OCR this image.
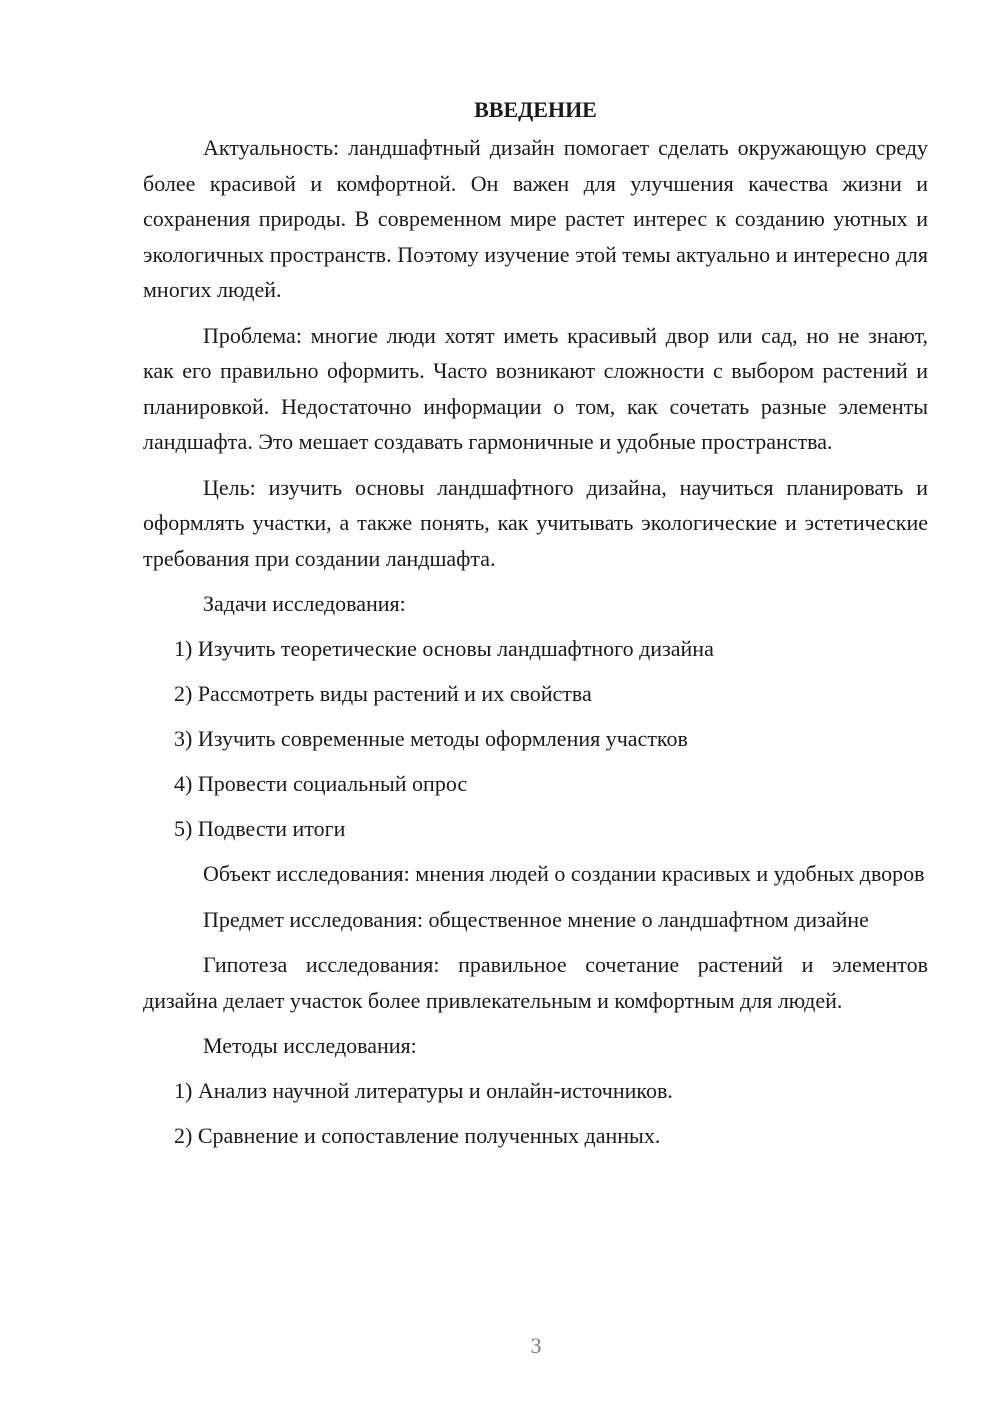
ВВЕДЕНИЕ

Актуальность: ландшафтный дизайн помогает сделать окружающую среду более красивой и комфортной. Он важен для улучшения качества жизни и сохранения природы. В современном мире растет интерес к созданию уютных и экологичных пространств. Поэтому изучение этой темы актуально и интересно для многих людей.

Проблема: многие люди хотят иметь красивый двор или сад, но не знают, как его правильно оформить. Часто возникают сложности с выбором растений и планировкой. Недостаточно информации о том, как сочетать разные элементы ландшафта. Это мешает создавать гармоничные и удобные пространства.

Цель: изучить основы ландшафтного дизайна, научиться планировать и оформлять участки, а также понять, как учитывать экологические и эстетические требования при создании ландшафта.

Задачи исследования:
1) Изучить теоретические основы ландшафтного дизайна
2) Рассмотреть виды растений и их свойства
3) Изучить современные методы оформления участков
4) Провести социальный опрос
5) Подвести итоги

Объект исследования: мнения людей о создании красивых и удобных дворов

Предмет исследования: общественное мнение о ландшафтном дизайне

Гипотеза исследования: правильное сочетание растений и элементов дизайна делает участок более привлекательным и комфортным для людей.

Методы исследования:
1) Анализ научной литературы и онлайн-источников.
2) Сравнение и сопоставление полученных данных.
3
